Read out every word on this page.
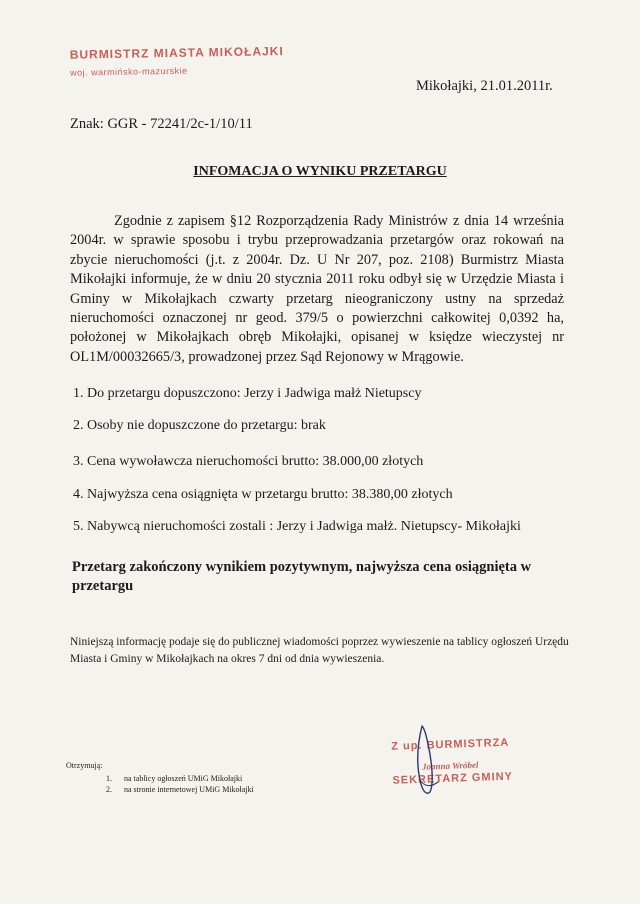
BURMISTRZ MIASTA MIKOŁAJKI
woj. warmińsko-mazurskie
Mikołajki, 21.01.2011r.
Znak: GGR - 72241/2c-1/10/11
INFOMACJA O WYNIKU PRZETARGU

Zgodnie z zapisem §12 Rozporządzenia Rady Ministrów z dnia 14 września 2004r. w sprawie sposobu i trybu przeprowadzania przetargów oraz rokowań na zbycie nieruchomości (j.t. z 2004r. Dz. U Nr 207, poz. 2108) Burmistrz Miasta Mikołajki informuje, że w dniu 20 stycznia 2011 roku odbył się w Urzędzie Miasta i Gminy w Mikołajkach czwarty przetarg nieograniczony ustny na sprzedaż nieruchomości oznaczonej nr geod. 379/5 o powierzchni całkowitej 0,0392 ha, położonej w Mikołajkach obręb Mikołajki, opisanej w księdze wieczystej nr OL1M/00032665/3, prowadzonej przez Sąd Rejonowy w Mrągowie.

1. Do przetargu dopuszczono: Jerzy i Jadwiga małż Nietupscy
2. Osoby nie dopuszczone do przetargu: brak
3. Cena wywoławcza nieruchomości brutto: 38.000,00 złotych
4. Najwyższa cena osiągnięta w przetargu brutto: 38.380,00 złotych
5. Nabywcą nieruchomości zostali : Jerzy i Jadwiga małż. Nietupscy- Mikołajki

Przetarg zakończony wynikiem pozytywnym, najwyższa cena osiągnięta w przetargu

Niniejszą informację podaje się do publicznej wiadomości poprzez wywieszenie na tablicy ogłoszeń Urzędu Miasta i Gminy w Mikołajkach na okres 7 dni od dnia wywieszenia.

Otrzymują:
1. na tablicy ogłoszeń UMiG Mikołajki
2. na stronie internetowej UMiG Mikołajki
Z up. BURMISTRZA
Joanna Wróbel
SEKRETARZ GMINY
